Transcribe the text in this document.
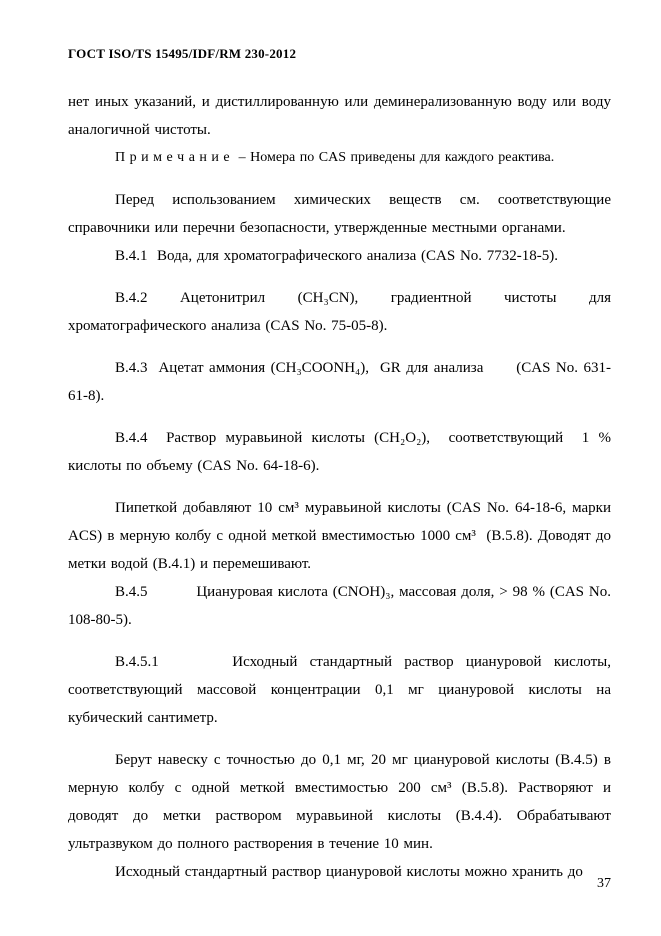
ГОСТ ISO/TS 15495/IDF/RM 230-2012

нет иных указаний, и дистиллированную или деминерализованную воду или воду аналогичной чистоты.

П р и м е ч а н и е  – Номера по CAS приведены для каждого реактива.

Перед использованием химических веществ см. соответствующие справочники или перечни безопасности, утвержденные местными органами.

В.4.1  Вода, для хроматографического анализа (CAS No. 7732-18-5).

В.4.2 Ацетонитрил (CH₃CN), градиентной чистоты для хроматографического анализа (CAS No. 75-05-8).

В.4.3  Ацетат аммония (CH₃COONH₄),  GR для анализа      (CAS No. 631-61-8).

В.4.4  Раствор муравьиной кислоты (CH₂O₂),  соответствующий  1 % кислоты по объему (CAS No. 64-18-6).

Пипеткой добавляют 10 см³ муравьиной кислоты (CAS No. 64-18-6, марки ACS) в мерную колбу с одной меткой вместимостью 1000 см³  (В.5.8). Доводят до метки водой (В.4.1) и перемешивают.

В.4.5          Циануровая кислота (CNOH)₃, массовая доля, > 98 % (CAS No. 108-80-5).

В.4.5.1      Исходный стандартный раствор циануровой кислоты, соответствующий массовой концентрации 0,1 мг циануровой кислоты на кубический сантиметр.

Берут навеску с точностью до 0,1 мг, 20 мг циануровой кислоты (В.4.5) в мерную колбу с одной меткой вместимостью 200 см³ (В.5.8). Растворяют и доводят до метки раствором муравьиной кислоты (В.4.4). Обрабатывают ультразвуком до полного растворения в течение 10 мин.

Исходный стандартный раствор циануровой кислоты можно хранить до

37
